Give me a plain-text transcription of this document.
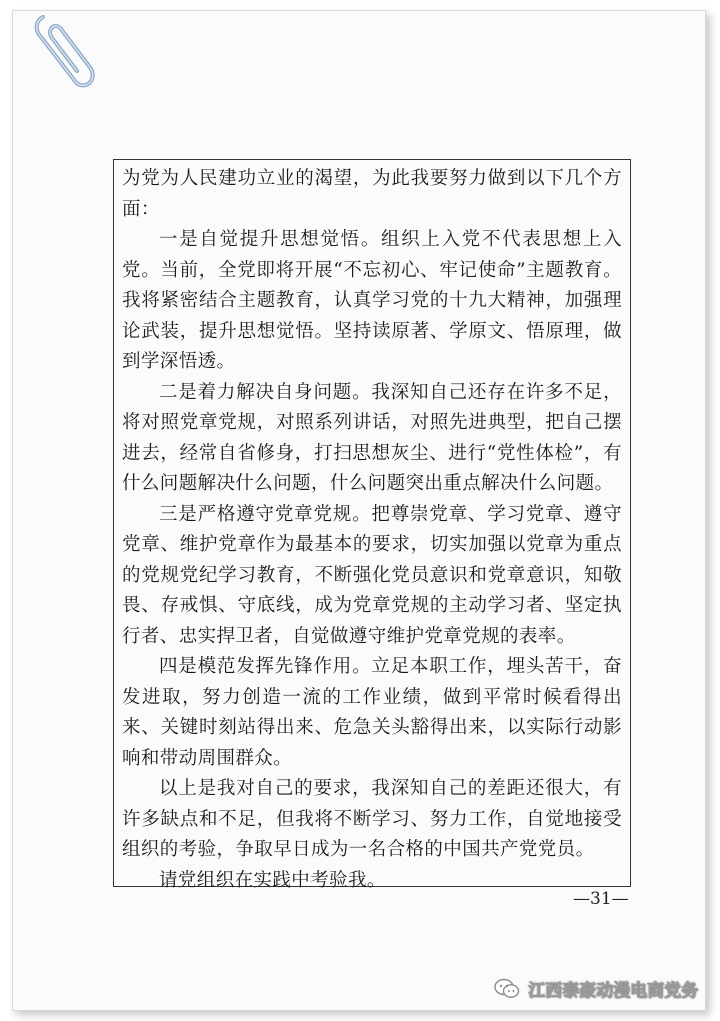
为党为人民建功立业的渴望，为此我要努力做到以下几个方面：

一是自觉提升思想觉悟。组织上入党不代表思想上入党。当前，全党即将开展“不忘初心、牢记使命”主题教育。我将紧密结合主题教育，认真学习党的十九大精神，加强理论武装，提升思想觉悟。坚持读原著、学原文、悟原理，做到学深悟透。

二是着力解决自身问题。我深知自己还存在许多不足，将对照党章党规，对照系列讲话，对照先进典型，把自己摆进去，经常自省修身，打扫思想灰尘、进行“党性体检”，有什么问题解决什么问题，什么问题突出重点解决什么问题。

三是严格遵守党章党规。把尊崇党章、学习党章、遵守党章、维护党章作为最基本的要求，切实加强以党章为重点的党规党纪学习教育，不断强化党员意识和党章意识，知敬畏、存戒惧、守底线，成为党章党规的主动学习者、坚定执行者、忠实捍卫者，自觉做遵守维护党章党规的表率。

四是模范发挥先锋作用。立足本职工作，埋头苦干，奋发进取，努力创造一流的工作业绩，做到平常时候看得出来、关键时刻站得出来、危急关头豁得出来，以实际行动影响和带动周围群众。

以上是我对自己的要求，我深知自己的差距还很大，有许多缺点和不足，但我将不断学习、努力工作，自觉地接受组织的考验，争取早日成为一名合格的中国共产党党员。

请党组织在实践中考验我。

—31—
江西泰豪动漫电商党务
